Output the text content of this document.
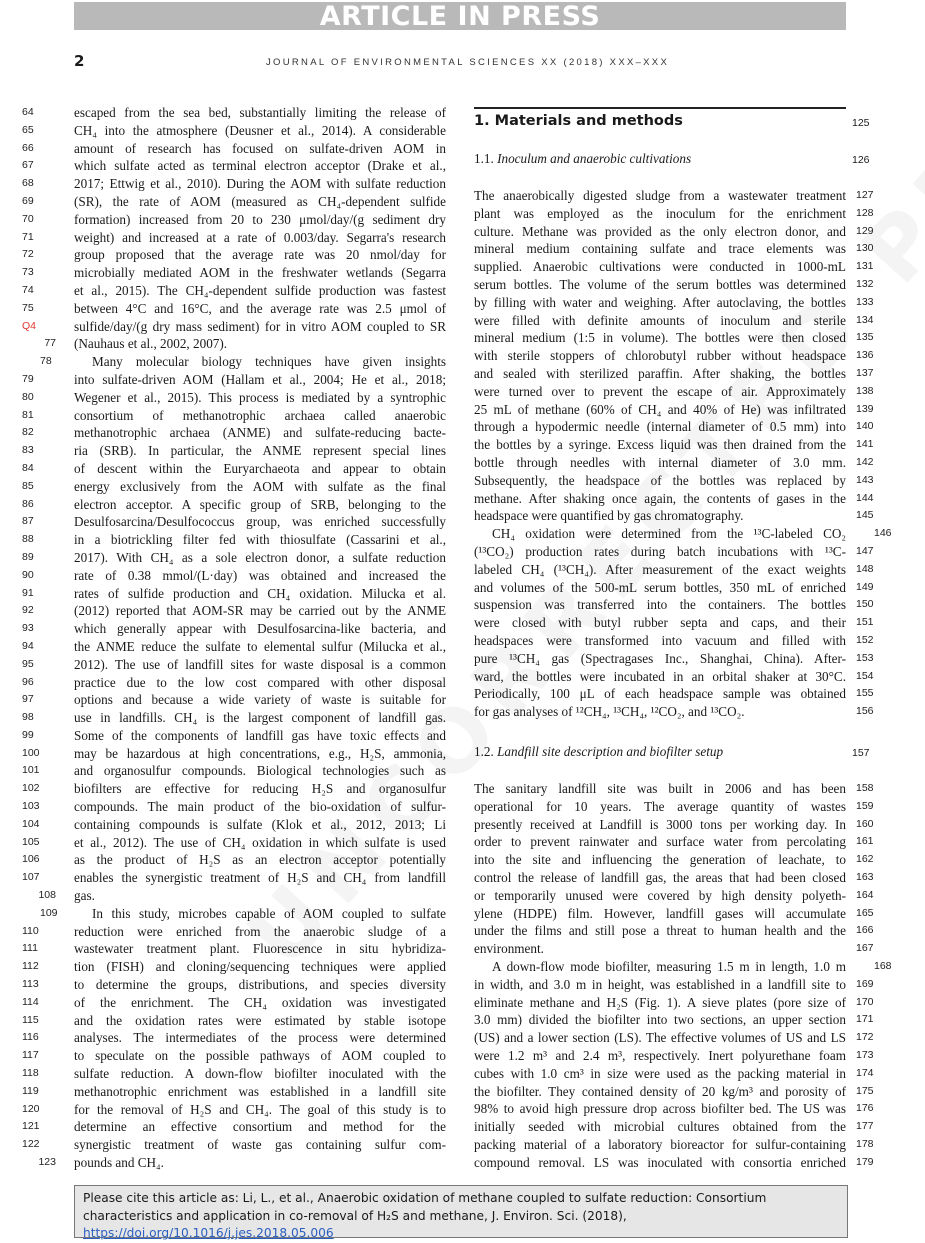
ARTICLE IN PRESS
2	JOURNAL OF ENVIRONMENTAL SCIENCES XX (2018) XXX–XXX
64	escaped from the sea bed, substantially limiting the release of
65	CH₄ into the atmosphere (Deusner et al., 2014). A considerable
66	amount of research has focused on sulfate-driven AOM in
67	which sulfate acted as terminal electron acceptor (Drake et al.,
68	2017; Ettwig et al., 2010). During the AOM with sulfate reduction
69	(SR), the rate of AOM (measured as CH₄-dependent sulfide
70	formation) increased from 20 to 230 μmol/day/(g sediment dry
71	weight) and increased at a rate of 0.003/day. Segarra's research
72	group proposed that the average rate was 20 nmol/day for
73	microbially mediated AOM in the freshwater wetlands (Segarra
74	et al., 2015). The CH₄-dependent sulfide production was fastest
75	between 4°C and 16°C, and the average rate was 2.5 μmol of
Q4	sulfide/day/(g dry mass sediment) for in vitro AOM coupled to SR
77 (Nauhaus et al., 2002, 2007).
78	Many molecular biology techniques have given insights
79	into sulfate-driven AOM (Hallam et al., 2004; He et al., 2018;
80	Wegener et al., 2015). This process is mediated by a syntrophic
81	consortium of methanotrophic archaea called anaerobic
82	methanotrophic archaea (ANME) and sulfate-reducing bacte-
83	ria (SRB). In particular, the ANME represent special lines
84	of descent within the Euryarchaeota and appear to obtain
85	energy exclusively from the AOM with sulfate as the final
86	electron acceptor. A specific group of SRB, belonging to the
87	Desulfosarcina/Desulfococcus group, was enriched successfully
88	in a biotrickling filter fed with thiosulfate (Cassarini et al.,
89	2017). With CH₄ as a sole electron donor, a sulfate reduction
90	rate of 0.38 mmol/(L·day) was obtained and increased the
91	rates of sulfide production and CH₄ oxidation. Milucka et al.
92	(2012) reported that AOM-SR may be carried out by the ANME
93	which generally appear with Desulfosarcina-like bacteria, and
94	the ANME reduce the sulfate to elemental sulfur (Milucka et al.,
95	2012). The use of landfill sites for waste disposal is a common
96	practice due to the low cost compared with other disposal
97	options and because a wide variety of waste is suitable for
98	use in landfills. CH₄ is the largest component of landfill gas.
99	Some of the components of landfill gas have toxic effects and
100	may be hazardous at high concentrations, e.g., H₂S, ammonia,
101	and organosulfur compounds. Biological technologies such as
102	biofilters are effective for reducing H₂S and organosulfur
103	compounds. The main product of the bio-oxidation of sulfur-
104	containing compounds is sulfate (Klok et al., 2012, 2013; Li
105	et al., 2012). The use of CH₄ oxidation in which sulfate is used
106	as the product of H₂S as an electron acceptor potentially
107	enables the synergistic treatment of H₂S and CH₄ from landfill
108 gas.
109	In this study, microbes capable of AOM coupled to sulfate
110	reduction were enriched from the anaerobic sludge of a
111	wastewater treatment plant. Fluorescence in situ hybridiza-
112	tion (FISH) and cloning/sequencing techniques were applied
113	to determine the groups, distributions, and species diversity
114	of the enrichment. The CH₄ oxidation was investigated
115	and the oxidation rates were estimated by stable isotope
116	analyses. The intermediates of the process were determined
117	to speculate on the possible pathways of AOM coupled to
118	sulfate reduction. A down-flow biofilter inoculated with the
119	methanotrophic enrichment was established in a landfill site
120	for the removal of H₂S and CH₄. The goal of this study is to
121	determine an effective consortium and method for the
122	synergistic treatment of waste gas containing sulfur com-
123 pounds and CH₄.
1. Materials and methods	125
1.1. Inoculum and anaerobic cultivations	126
127
The anaerobically digested sludge from a wastewater treatment
128
plant was employed as the inoculum for the enrichment
129
culture. Methane was provided as the only electron donor, and
130
mineral medium containing sulfate and trace elements was
131
supplied. Anaerobic cultivations were conducted in 1000-mL
132
serum bottles. The volume of the serum bottles was determined
133
by filling with water and weighing. After autoclaving, the bottles
134
were filled with definite amounts of inoculum and sterile
135
mineral medium (1:5 in volume). The bottles were then closed
136
with sterile stoppers of chlorobutyl rubber without headspace
137
and sealed with sterilized paraffin. After shaking, the bottles
138
were turned over to prevent the escape of air. Approximately
139
25 mL of methane (60% of CH₄ and 40% of He) was infiltrated
140
through a hypodermic needle (internal diameter of 0.5 mm) into
141
the bottles by a syringe. Excess liquid was then drained from the
142
bottle through needles with internal diameter of 3.0 mm.
143
Subsequently, the headspace of the bottles was replaced by
144
methane. After shaking once again, the contents of gases in the
145
headspace were quantified by gas chromatography.
146
CH₄ oxidation were determined from the ¹³C-labeled CO₂
147
(¹³CO₂) production rates during batch incubations with ¹³C-
148
labeled CH₄ (¹³CH₄). After measurement of the exact weights
149
and volumes of the 500-mL serum bottles, 350 mL of enriched
150
suspension was transferred into the containers. The bottles
151
were closed with butyl rubber septa and caps, and their
152
headspaces were transformed into vacuum and filled with
153
pure ¹³CH₄ gas (Spectragases Inc., Shanghai, China). After-
154
ward, the bottles were incubated in an orbital shaker at 30°C.
155
Periodically, 100 μL of each headspace sample was obtained
156
for gas analyses of ¹²CH₄, ¹³CH₄, ¹²CO₂, and ¹³CO₂.
1.2. Landfill site description and biofilter setup	157
158
The sanitary landfill site was built in 2006 and has been
159
operational for 10 years. The average quantity of wastes
160
presently received at Landfill is 3000 tons per working day. In
161
order to prevent rainwater and surface water from percolating
162
into the site and influencing the generation of leachate, to
163
control the release of landfill gas, the areas that had been closed
164
or temporarily unused were covered by high density polyeth-
165
ylene (HDPE) film. However, landfill gases will accumulate
166
under the films and still pose a threat to human health and the
167
environment.
168
A down-flow mode biofilter, measuring 1.5 m in length, 1.0 m
169
in width, and 3.0 m in height, was established in a landfill site to
170
eliminate methane and H₂S (Fig. 1). A sieve plates (pore size of
171
3.0 mm) divided the biofilter into two sections, an upper section
172
(US) and a lower section (LS). The effective volumes of US and LS
173
were 1.2 m³ and 2.4 m³, respectively. Inert polyurethane foam
174
cubes with 1.0 cm³ in size were used as the packing material in
175
the biofilter. They contained density of 20 kg/m³ and porosity of
176
98% to avoid high pressure drop across biofilter bed. The US was
177
initially seeded with microbial cultures obtained from the
178
packing material of a laboratory bioreactor for sulfur-containing
179
compound removal. LS was inoculated with consortia enriched
Please cite this article as: Li, L., et al., Anaerobic oxidation of methane coupled to sulfate reduction: Consortium characteristics and application in co-removal of H₂S and methane, J. Environ. Sci. (2018), https://doi.org/10.1016/j.jes.2018.05.006
